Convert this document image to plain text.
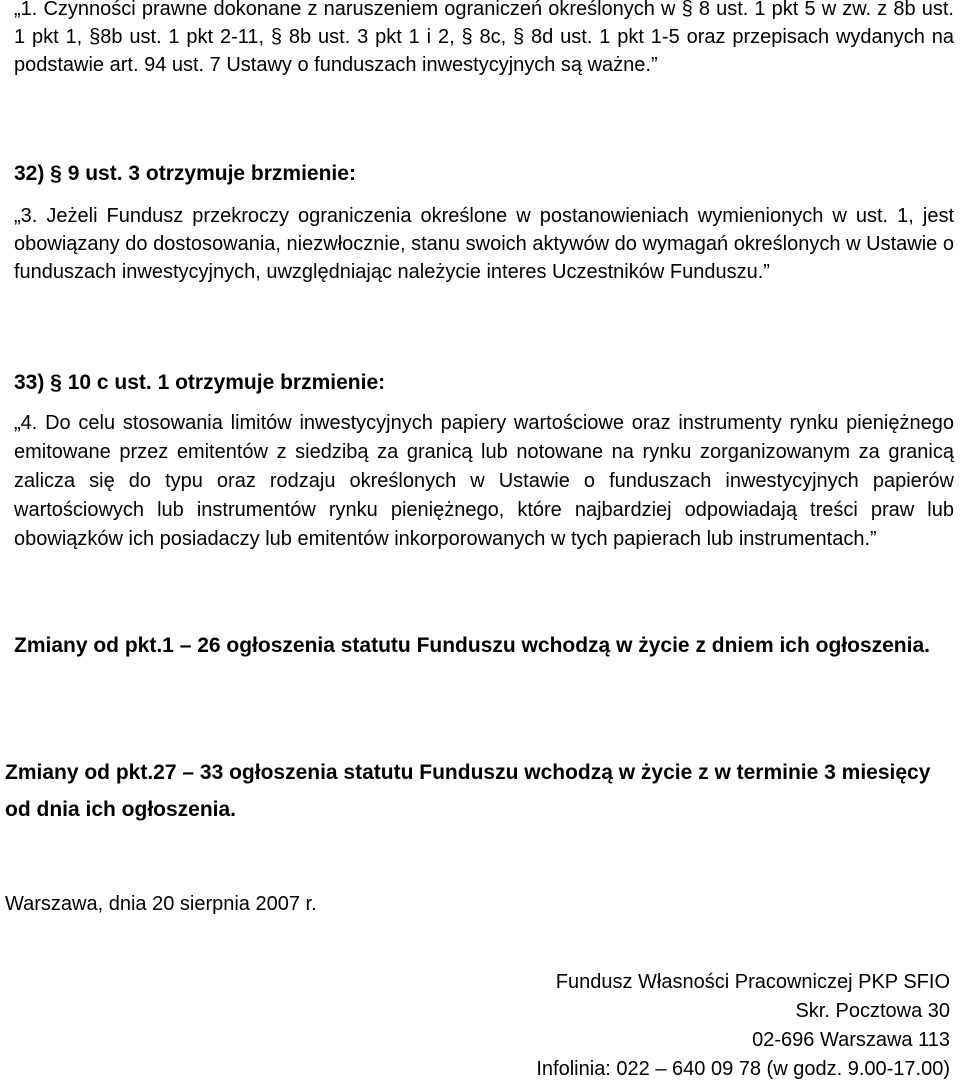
„1. Czynności prawne dokonane z naruszeniem ograniczeń określonych w § 8 ust. 1 pkt 5 w zw. z 8b ust. 1 pkt 1, §8b ust. 1 pkt 2-11, § 8b ust. 3 pkt 1 i 2, § 8c, § 8d ust. 1 pkt 1-5 oraz przepisach wydanych na podstawie art. 94 ust. 7 Ustawy o funduszach inwestycyjnych są ważne.”
32) § 9 ust. 3 otrzymuje brzmienie:
„3. Jeżeli Fundusz przekroczy ograniczenia określone w postanowieniach wymienionych w ust. 1, jest obowiązany do dostosowania, niezwłocznie, stanu swoich aktywów do wymagań określonych w Ustawie o funduszach inwestycyjnych, uwzględniając należycie interes Uczestników Funduszu.”
33) § 10 c ust. 1 otrzymuje brzmienie:
„4. Do celu stosowania limitów inwestycyjnych papiery wartościowe oraz instrumenty rynku pieniężnego emitowane przez emitentów z siedzibą za granicą lub notowane na rynku zorganizowanym za granicą zalicza się do typu oraz rodzaju określonych w Ustawie o funduszach inwestycyjnych papierów wartościowych lub instrumentów rynku pieniężnego, które najbardziej odpowiadają treści praw lub obowiązków ich posiadaczy lub emitentów inkorporowanych w tych papierach lub instrumentach.”
Zmiany od pkt.1 – 26 ogłoszenia statutu Funduszu wchodzą w życie z dniem ich ogłoszenia.
Zmiany od pkt.27 – 33 ogłoszenia statutu Funduszu wchodzą w życie z w terminie 3 miesięcy od dnia ich ogłoszenia.
Warszawa, dnia 20 sierpnia 2007 r.
Fundusz Własności Pracowniczej PKP SFIO
Skr. Pocztowa 30
02-696 Warszawa 113
Infolinia: 022 – 640 09 78 (w godz. 9.00-17.00)
